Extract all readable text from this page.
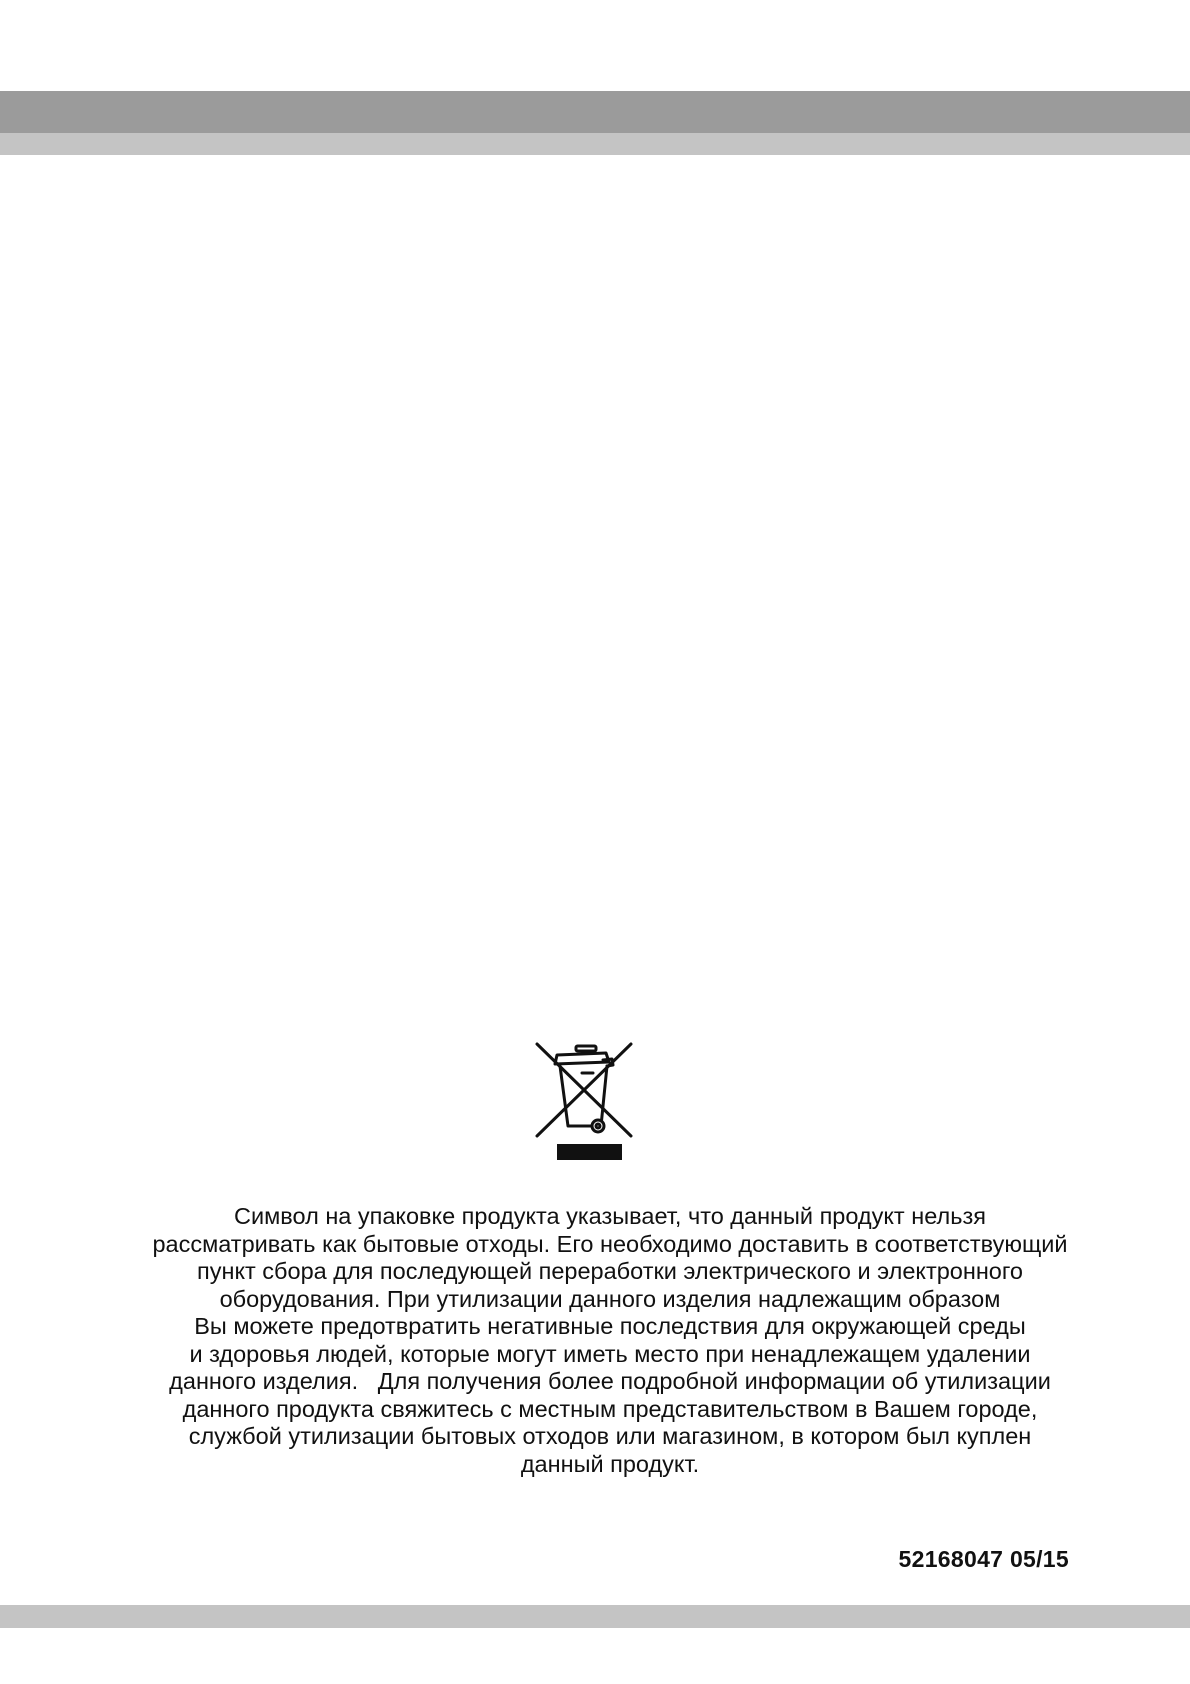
Символ на упаковке продукта указывает, что данный продукт нельзя
рассматривать как бытовые отходы. Его необходимо доставить в соответствующий
пункт сбора для последующей переработки электрического и электронного
оборудования. При утилизации данного изделия надлежащим образом
Вы можете предотвратить негативные последствия для окружающей среды
и здоровья людей, которые могут иметь место при ненадлежащем удалении
данного изделия.   Для получения более подробной информации об утилизации
данного продукта свяжитесь с местным представительством в Вашем городе,
службой утилизации бытовых отходов или магазином, в котором был куплен
данный продукт.

52168047 05/15
